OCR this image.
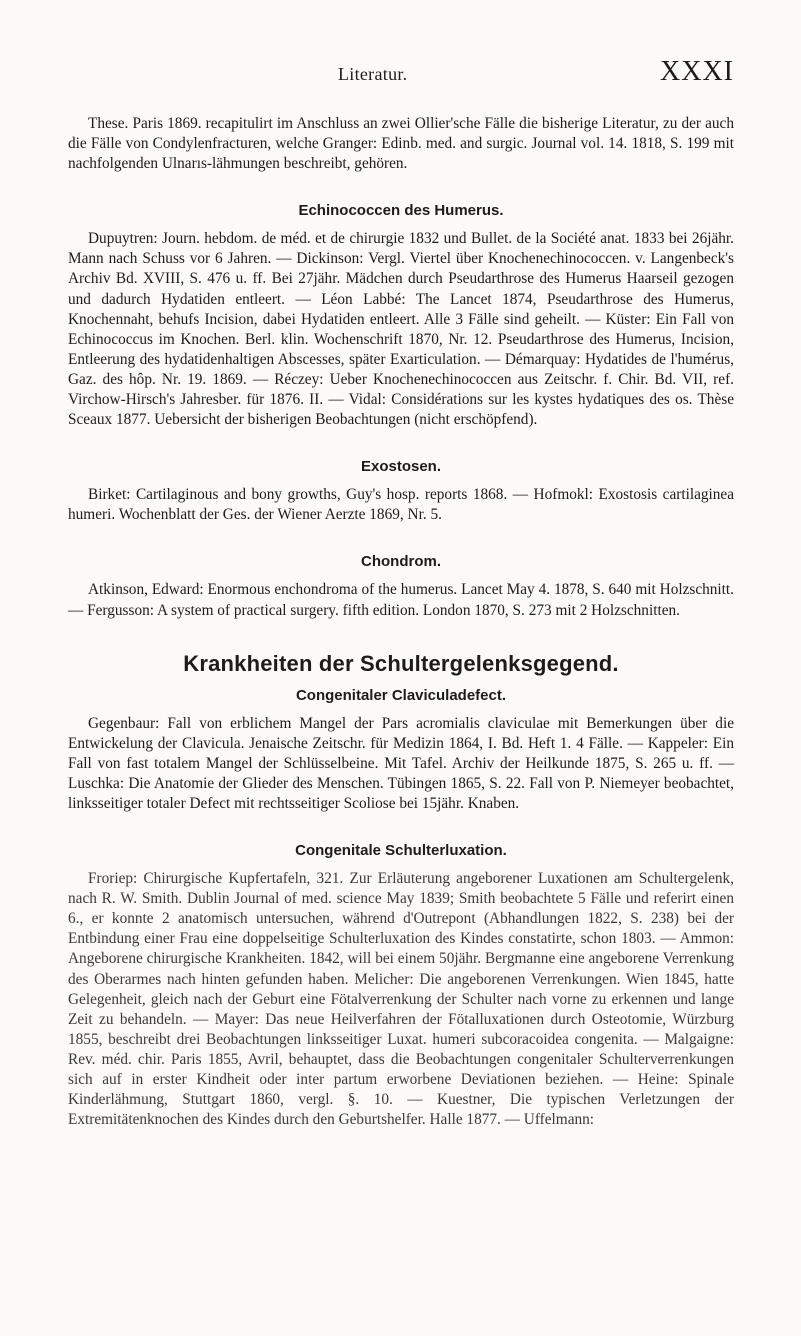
Literatur.	XXXI

These. Paris 1869. recapitulirt im Anschluss an zwei Ollier'sche Fälle die bisherige Literatur, zu der auch die Fälle von Condylenfracturen, welche Granger: Edinb. med. and surgic. Journal vol. 14. 1818, S. 199 mit nachfolgenden Ulnarıs-lähmungen beschreibt, gehören.

Echinococcen des Humerus.

Dupuytren: Journ. hebdom. de méd. et de chirurgie 1832 und Bullet. de la Société anat. 1833 bei 26jähr. Mann nach Schuss vor 6 Jahren. — Dickinson: Vergl. Viertel über Knochenechinococcen. v. Langenbeck's Archiv Bd. XVIII, S. 476 u. ff. Bei 27jähr. Mädchen durch Pseudarthrose des Humerus Haarseil gezogen und dadurch Hydatiden entleert. — Léon Labbé: The Lancet 1874, Pseudarthrose des Humerus, Knochennaht, behufs Incision, dabei Hydatiden entleert. Alle 3 Fälle sind geheilt. — Küster: Ein Fall von Echinococcus im Knochen. Berl. klin. Wochenschrift 1870, Nr. 12. Pseudarthrose des Humerus, Incision, Entleerung des hydatidenhaltigen Abscesses, später Exarticulation. — Démarquay: Hydatides de l'humérus, Gaz. des hôp. Nr. 19. 1869. — Réczey: Ueber Knochenechinococcen aus Zeitschr. f. Chir. Bd. VII, ref. Virchow-Hirsch's Jahresber. für 1876. II. — Vidal: Considérations sur les kystes hydatiques des os. Thèse Sceaux 1877. Uebersicht der bisherigen Beobachtungen (nicht erschöpfend).

Exostosen.

Birket: Cartilaginous and bony growths, Guy's hosp. reports 1868. — Hofmokl: Exostosis cartilaginea humeri. Wochenblatt der Ges. der Wiener Aerzte 1869, Nr. 5.

Chondrom.

Atkinson, Edward: Enormous enchondroma of the humerus. Lancet May 4. 1878, S. 640 mit Holzschnitt. — Fergusson: A system of practical surgery. fifth edition. London 1870, S. 273 mit 2 Holzschnitten.

Krankheiten der Schultergelenksgegend.
Congenitaler Claviculadefect.

Gegenbaur: Fall von erblichem Mangel der Pars acromialis claviculae mit Bemerkungen über die Entwickelung der Clavicula. Jenaische Zeitschr. für Medizin 1864, I. Bd. Heft 1. 4 Fälle. — Kappeler: Ein Fall von fast totalem Mangel der Schlüsselbeine. Mit Tafel. Archiv der Heilkunde 1875, S. 265 u. ff. — Luschka: Die Anatomie der Glieder des Menschen. Tübingen 1865, S. 22. Fall von P. Niemeyer beobachtet, linksseitiger totaler Defect mit rechtsseitiger Scoliose bei 15jähr. Knaben.

Congenitale Schulterluxation.

Froriep: Chirurgische Kupfertafeln, 321. Zur Erläuterung angeborener Luxationen am Schultergelenk, nach R. W. Smith. Dublin Journal of med. science May 1839; Smith beobachtete 5 Fälle und referirt einen 6., er konnte 2 anatomisch untersuchen, während d'Outrepont (Abhandlungen 1822, S. 238) bei der Entbindung einer Frau eine doppelseitige Schulterluxation des Kindes constatirte, schon 1803. — Ammon: Angeborene chirurgische Krankheiten. 1842, will bei einem 50jähr. Bergmanne eine angeborene Verrenkung des Oberarmes nach hinten gefunden haben. Melicher: Die angeborenen Verrenkungen. Wien 1845, hatte Gelegenheit, gleich nach der Geburt eine Fötalverrenkung der Schulter nach vorne zu erkennen und lange Zeit zu behandeln. — Mayer: Das neue Heilverfahren der Fötalluxationen durch Osteotomie, Würzburg 1855, beschreibt drei Beobachtungen linksseitiger Luxat. humeri subcoracoidea congenita. — Malgaigne: Rev. méd. chir. Paris 1855, Avril, behauptet, dass die Beobachtungen congenitaler Schulterverrenkungen sich auf in erster Kindheit oder inter partum erworbene Deviationen beziehen. — Heine: Spinale Kinderlähmung, Stuttgart 1860, vergl. §. 10. — Kuestner, Die typischen Verletzungen der Extremitätenknochen des Kindes durch den Geburtshelfer. Halle 1877. — Uffelmann:
